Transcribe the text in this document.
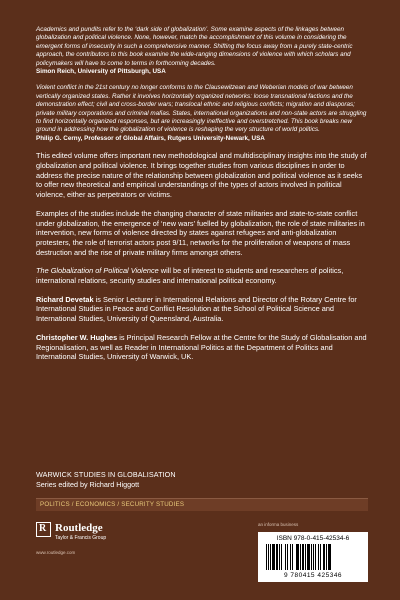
Academics and pundits refer to the ‘dark side of globalization’. Some examine aspects of the linkages between globalization and political violence. None, however, match the accomplishment of this volume in considering the emergent forms of insecurity in such a comprehensive manner. Shifting the focus away from a purely state-centric approach, the contributors to this book examine the wide-ranging dimensions of violence with which scholars and policymakers will have to come to terms in forthcoming decades.

Simon Reich, University of Pittsburgh, USA

Violent conflict in the 21st century no longer conforms to the Clausewitzean and Weberian models of war between vertically organized states. Rather it involves horizontally organized networks: loose transnational factions and the demonstration effect; civil and cross-border wars; translocal ethnic and religious conflicts; migration and diasporas; private military corporations and criminal mafias. States, international organizations and non-state actors are struggling to find horizontally organized responses, but are increasingly ineffective and overstretched. This book breaks new ground in addressing how the globalization of violence is reshaping the very structure of world politics.

Philip G. Cerny, Professor of Global Affairs, Rutgers University-Newark, USA

This edited volume offers important new methodological and multidisciplinary insights into the study of globalization and political violence. It brings together studies from various disciplines in order to address the precise nature of the relationship between globalization and political violence as it seeks to offer new theoretical and empirical understandings of the types of actors involved in political violence, either as perpetrators or victims.

Examples of the studies include the changing character of state militaries and state-to-state conflict under globalization, the emergence of ‘new wars’ fuelled by globalization, the role of state militaries in intervention, new forms of violence directed by states against refugees and anti-globalization protesters, the role of terrorist actors post 9/11, networks for the proliferation of weapons of mass destruction and the rise of private military firms amongst others.

The Globalization of Political Violence will be of interest to students and researchers of politics, international relations, security studies and international political economy.

Richard Devetak is Senior Lecturer in International Relations and Director of the Rotary Centre for International Studies in Peace and Conflict Resolution at the School of Political Science and International Studies, University of Queensland, Australia.

Christopher W. Hughes is Principal Research Fellow at the Centre for the Study of Globalisation and Regionalisation, as well as Reader in International Politics at the Department of Politics and International Studies, University of Warwick, UK.

WARWICK STUDIES IN GLOBALISATION
Series edited by Richard Higgott
POLITICS / ECONOMICS / SECURITY STUDIES
R Routledge
Taylor & Francis Group
www.routledge.com
an informa business
ISBN 978-0-415-42534-6
9 780415 425346
